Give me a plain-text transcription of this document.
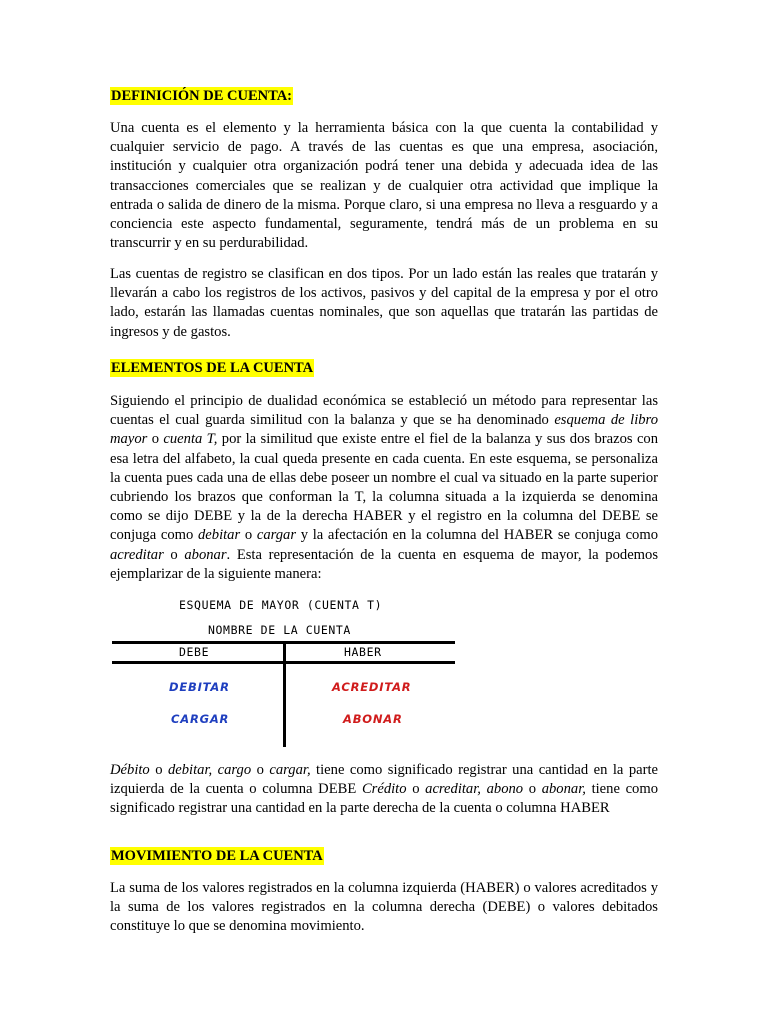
DEFINICIÓN DE CUENTA:

Una cuenta es el elemento y la herramienta básica con la que cuenta la contabilidad y cualquier servicio de pago. A través de las cuentas es que una empresa, asociación, institución y cualquier otra organización podrá tener una debida y adecuada idea de las transacciones comerciales que se realizan y de cualquier otra actividad que implique la entrada o salida de dinero de la misma. Porque claro, si una empresa no lleva a resguardo y a conciencia este aspecto fundamental, seguramente, tendrá más de un problema en su transcurrir y en su perdurabilidad.

Las cuentas de registro se clasifican en dos tipos. Por un lado están las reales que tratarán y llevarán a cabo los registros de los activos, pasivos y del capital de la empresa y por el otro lado, estarán las llamadas cuentas nominales, que son aquellas que tratarán las partidas de ingresos y de gastos.

ELEMENTOS DE LA CUENTA

Siguiendo el principio de dualidad económica se estableció un método para representar las cuentas el cual guarda similitud con la balanza y que se ha denominado esquema de libro mayor o cuenta T, por la similitud que existe entre el fiel de la balanza y sus dos brazos con esa letra del alfabeto, la cual queda presente en cada cuenta. En este esquema, se personaliza la cuenta pues cada una de ellas debe poseer un nombre el cual va situado en la parte superior cubriendo los brazos que conforman la T, la columna situada a la izquierda se denomina como se dijo DEBE y la de la derecha HABER y el registro en la columna del DEBE se conjuga como debitar o cargar y la afectación en la columna del HABER se conjuga como acreditar o abonar. Esta representación de la cuenta en esquema de mayor, la podemos ejemplarizar de la siguiente manera:

ESQUEMA DE MAYOR (CUENTA T)
NOMBRE DE LA CUENTA
DEBE	HABER
DEBITAR	ACREDITAR
CARGAR	ABONAR

Débito o debitar, cargo o cargar, tiene como significado registrar una cantidad en la parte izquierda de la cuenta o columna DEBE Crédito o acreditar, abono o abonar, tiene como significado registrar una cantidad en la parte derecha de la cuenta o columna HABER

MOVIMIENTO DE LA CUENTA

La suma de los valores registrados en la columna izquierda (HABER) o valores acreditados y la suma de los valores registrados en la columna derecha (DEBE) o valores debitados constituye lo que se denomina movimiento.
